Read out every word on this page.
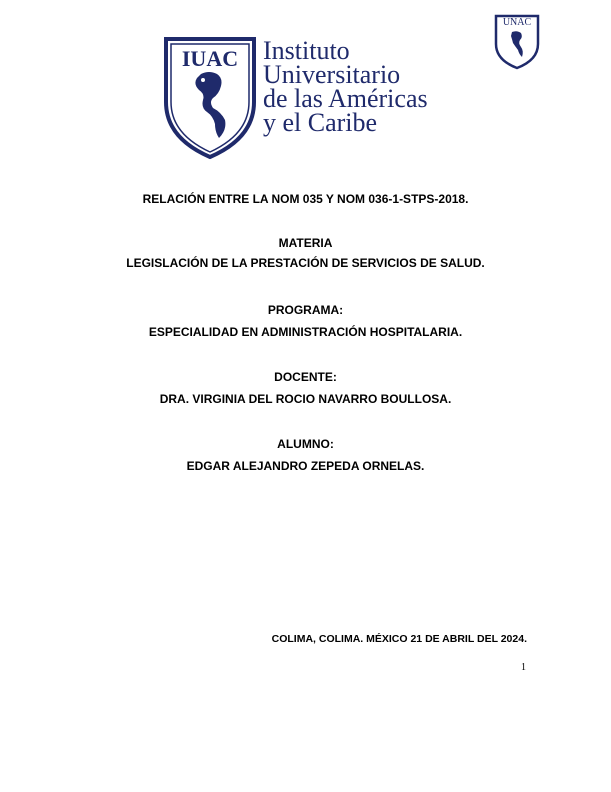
IUAC Instituto
Universitario
de las Américas
y el Caribe
UNAC
RELACIÓN ENTRE LA NOM 035 Y NOM 036-1-STPS-2018.
MATERIA
LEGISLACIÓN DE LA PRESTACIÓN DE SERVICIOS DE SALUD.
PROGRAMA:
ESPECIALIDAD EN ADMINISTRACIÓN HOSPITALARIA.
DOCENTE:
DRA. VIRGINIA DEL ROCIO NAVARRO BOULLOSA.
ALUMNO:
EDGAR ALEJANDRO ZEPEDA ORNELAS.
COLIMA, COLIMA. MÉXICO 21 DE ABRIL DEL 2024.
1
